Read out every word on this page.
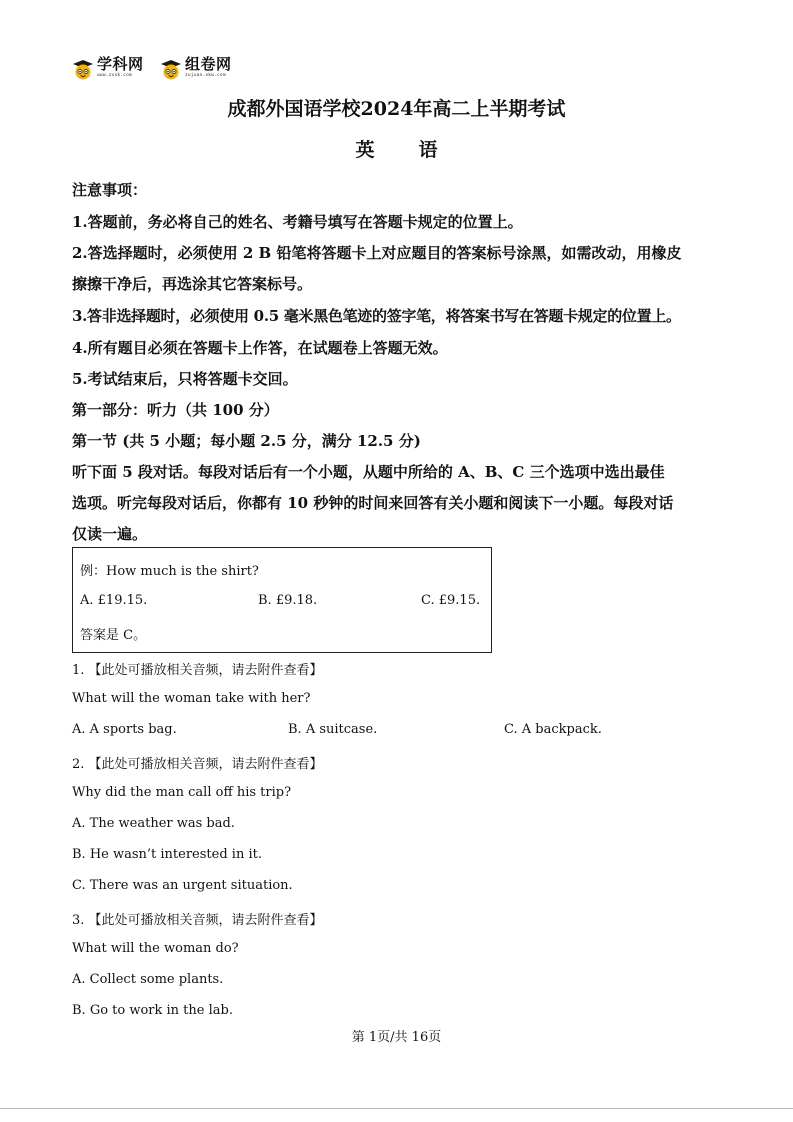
学科网
www.zxxk.com
组卷网
zujuan.xkw.com
成都外国语学校2024年高二上半期考试
英 语
注意事项：
1.答题前，务必将自己的姓名、考籍号填写在答题卡规定的位置上。
2.答选择题时，必须使用 2 B 铅笔将答题卡上对应题目的答案标号涂黑，如需改动，用橡皮
擦擦干净后，再选涂其它答案标号。
3.答非选择题时，必须使用 0.5 毫米黑色笔迹的签字笔，将答案书写在答题卡规定的位置上。
4.所有题目必须在答题卡上作答，在试题卷上答题无效。
5.考试结束后，只将答题卡交回。
第一部分：听力（共 100 分）
第一节 (共 5 小题；每小题 2.5 分，满分 12.5 分)
听下面 5 段对话。每段对话后有一个小题，从题中所给的 A、B、C 三个选项中选出最佳
选项。听完每段对话后，你都有 10 秒钟的时间来回答有关小题和阅读下一小题。每段对话
仅读一遍。
例：How much is the shirt?
A. £19.15.	B. £9.18.	C. £9.15.
答案是 C。
1. 【此处可播放相关音频，请去附件查看】
What will the woman take with her?
A. A sports bag.	B. A suitcase.	C. A backpack.
2. 【此处可播放相关音频，请去附件查看】
Why did the man call off his trip?
A. The weather was bad.
B. He wasn’t interested in it.
C. There was an urgent situation.
3. 【此处可播放相关音频，请去附件查看】
What will the woman do?
A. Collect some plants.
B. Go to work in the lab.
第 1页/共 16页
